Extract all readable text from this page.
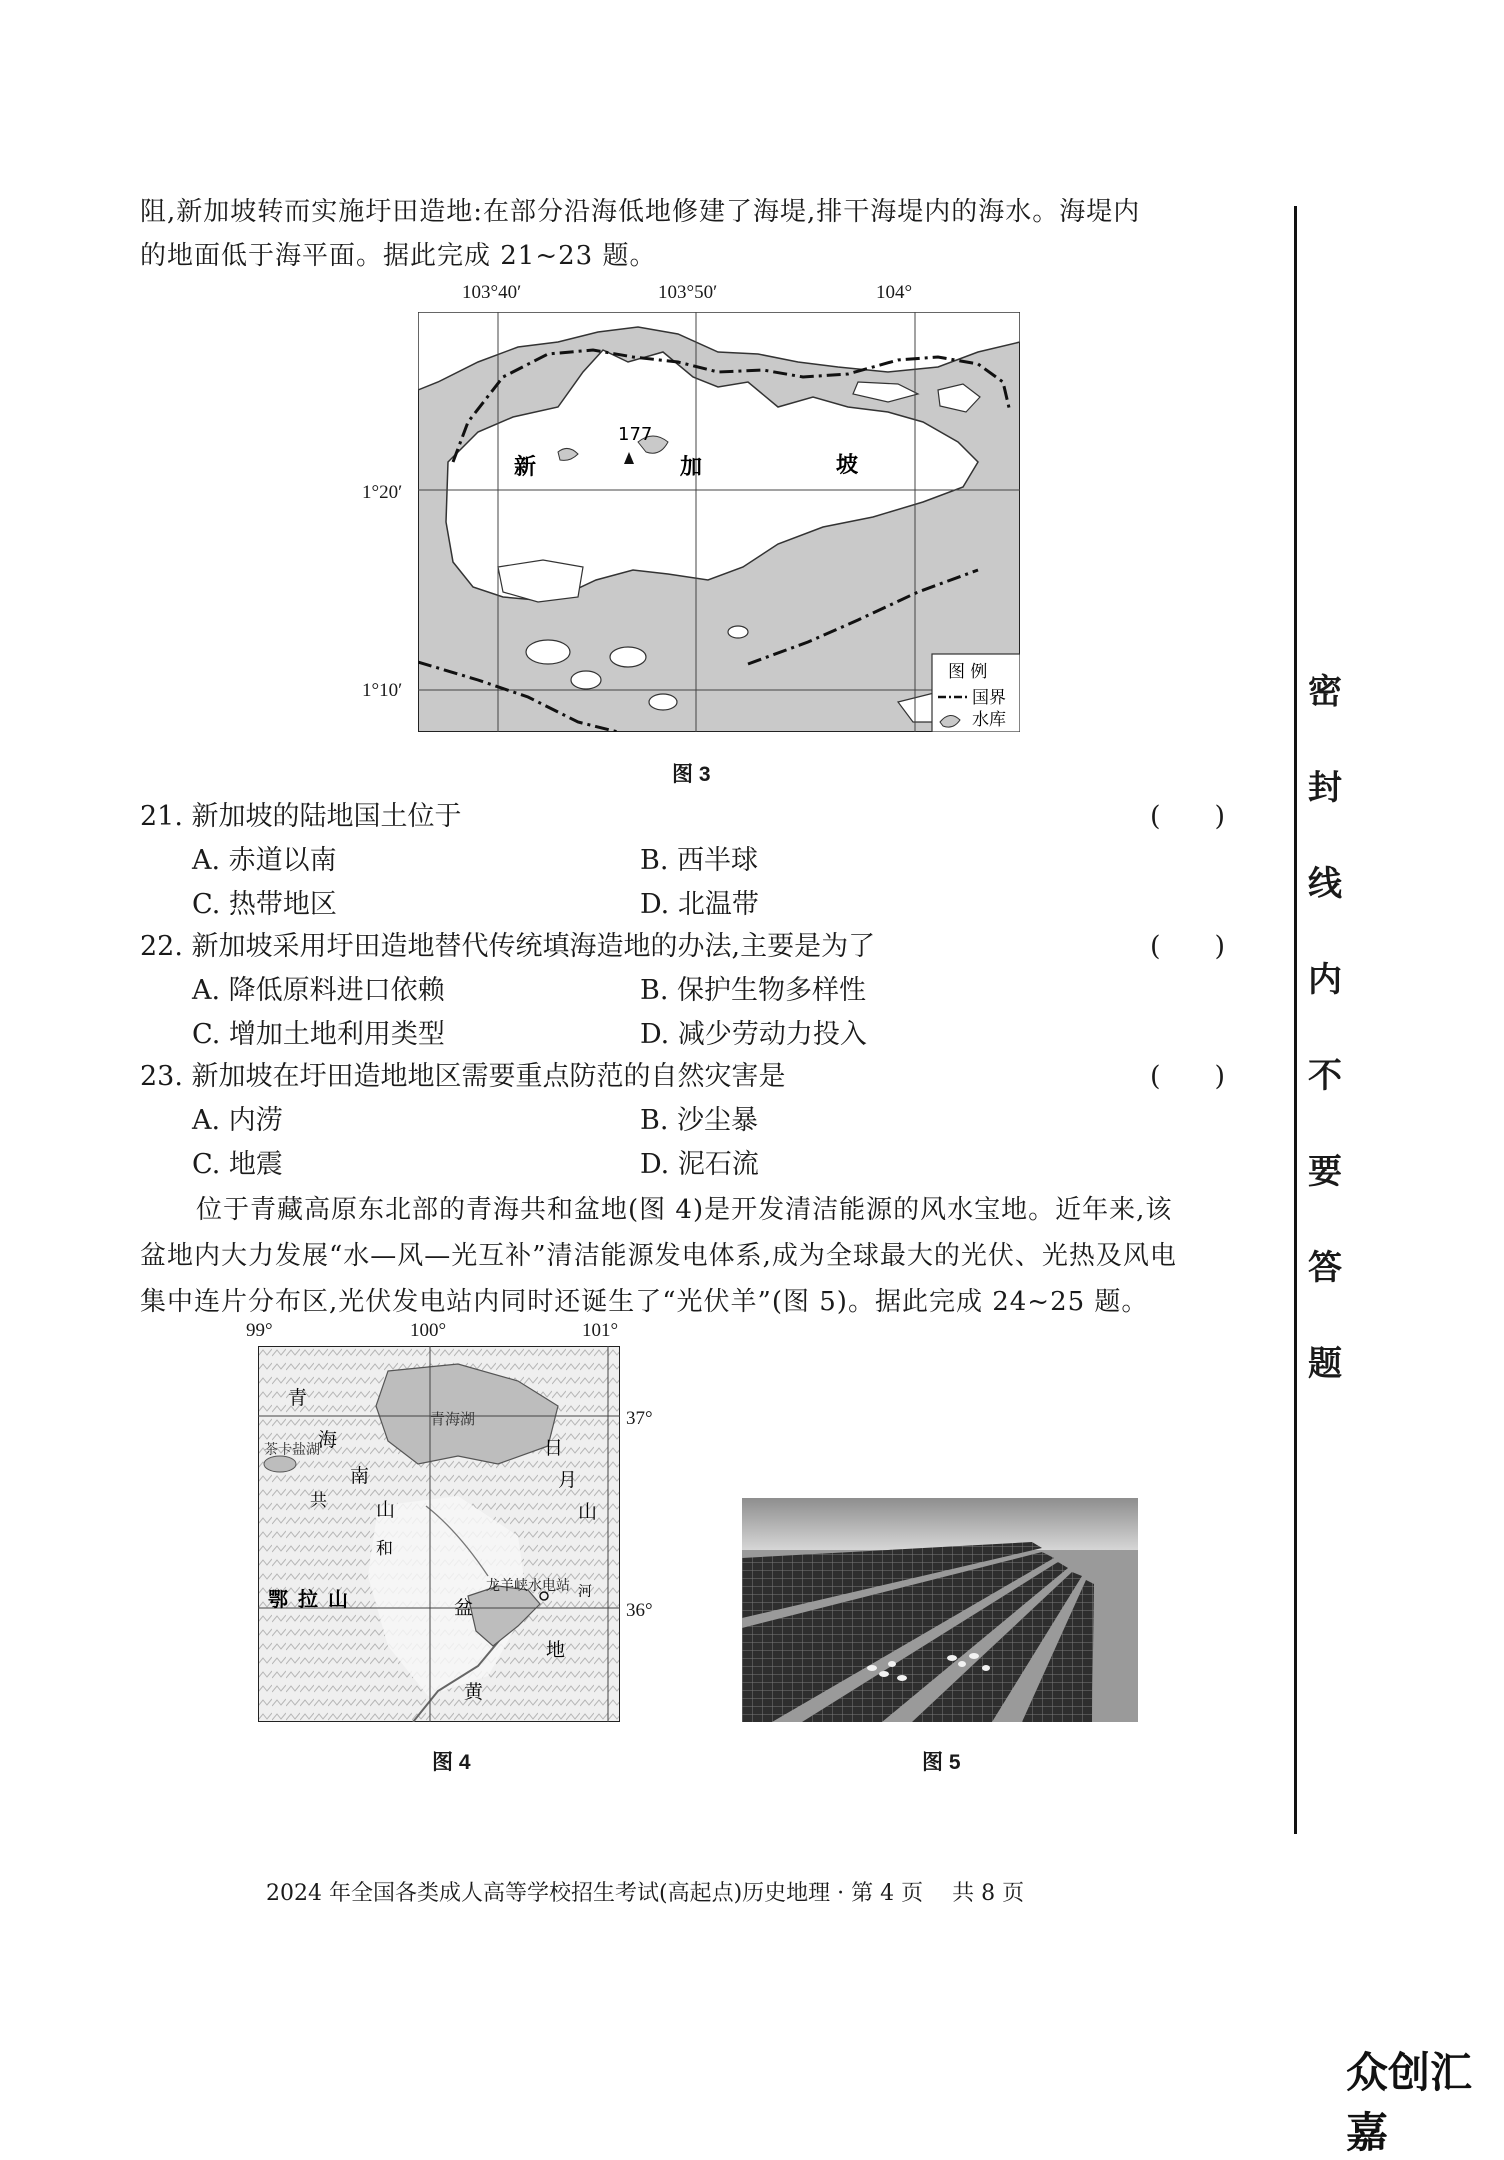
阻,新加坡转而实施圩田造地:在部分沿海低地修建了海堤,排干海堤内的海水。海堤内
的地面低于海平面。据此完成 21~23 题。
103°40′	103°50′	104°
1°20′
1°10′
177
新	加	坡
图 例
国界
水库
图 3
21. 新加坡的陆地国土位于	(　　)
A. 赤道以南	B. 西半球
C. 热带地区	D. 北温带
22. 新加坡采用圩田造地替代传统填海造地的办法,主要是为了	(　　)
A. 降低原料进口依赖	B. 保护生物多样性
C. 增加土地利用类型	D. 减少劳动力投入
23. 新加坡在圩田造地地区需要重点防范的自然灾害是	(　　)
A. 内涝	B. 沙尘暴
C. 地震	D. 泥石流
位于青藏高原东北部的青海共和盆地(图 4)是开发清洁能源的风水宝地。近年来,该
盆地内大力发展“水—风—光互补”清洁能源发电体系,成为全球最大的光伏、光热及风电
集中连片分布区,光伏发电站内同时还诞生了“光伏羊”(图 5)。据此完成 24~25 题。
99°	100°	101°
37°
36°
青海湖
茶卡盐湖
龙羊峡水电站
青
海
南
山
共
和
日
月
山
鄂 拉 山	盆
地
黄
河
图 4	图 5
2024 年全国各类成人高等学校招生考试(高起点)历史地理 · 第 4 页　 共 8 页
密
封
线
内
不
要
答
题
众创汇嘉
